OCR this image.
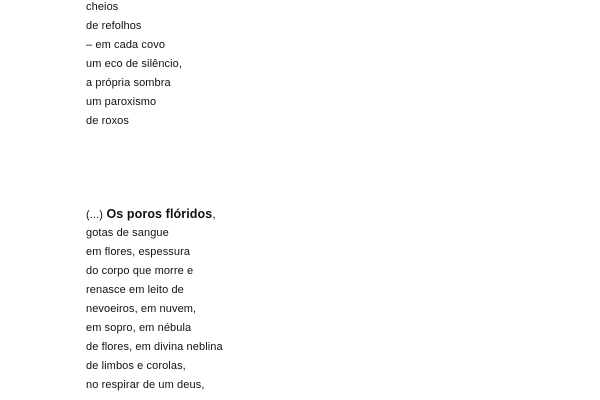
cheios
de refolhos
– em cada covo
um eco de silêncio,
a própria sombra
um paroxismo
de roxos
(...) Os poros flóridos,
gotas de sangue
em flores, espessura
do corpo que morre e
renasce em leito de
nevoeiros, em nuvem,
em sopro, em nébula
de flores, em divina neblina
de limbos e corolas,
no respirar de um deus,
